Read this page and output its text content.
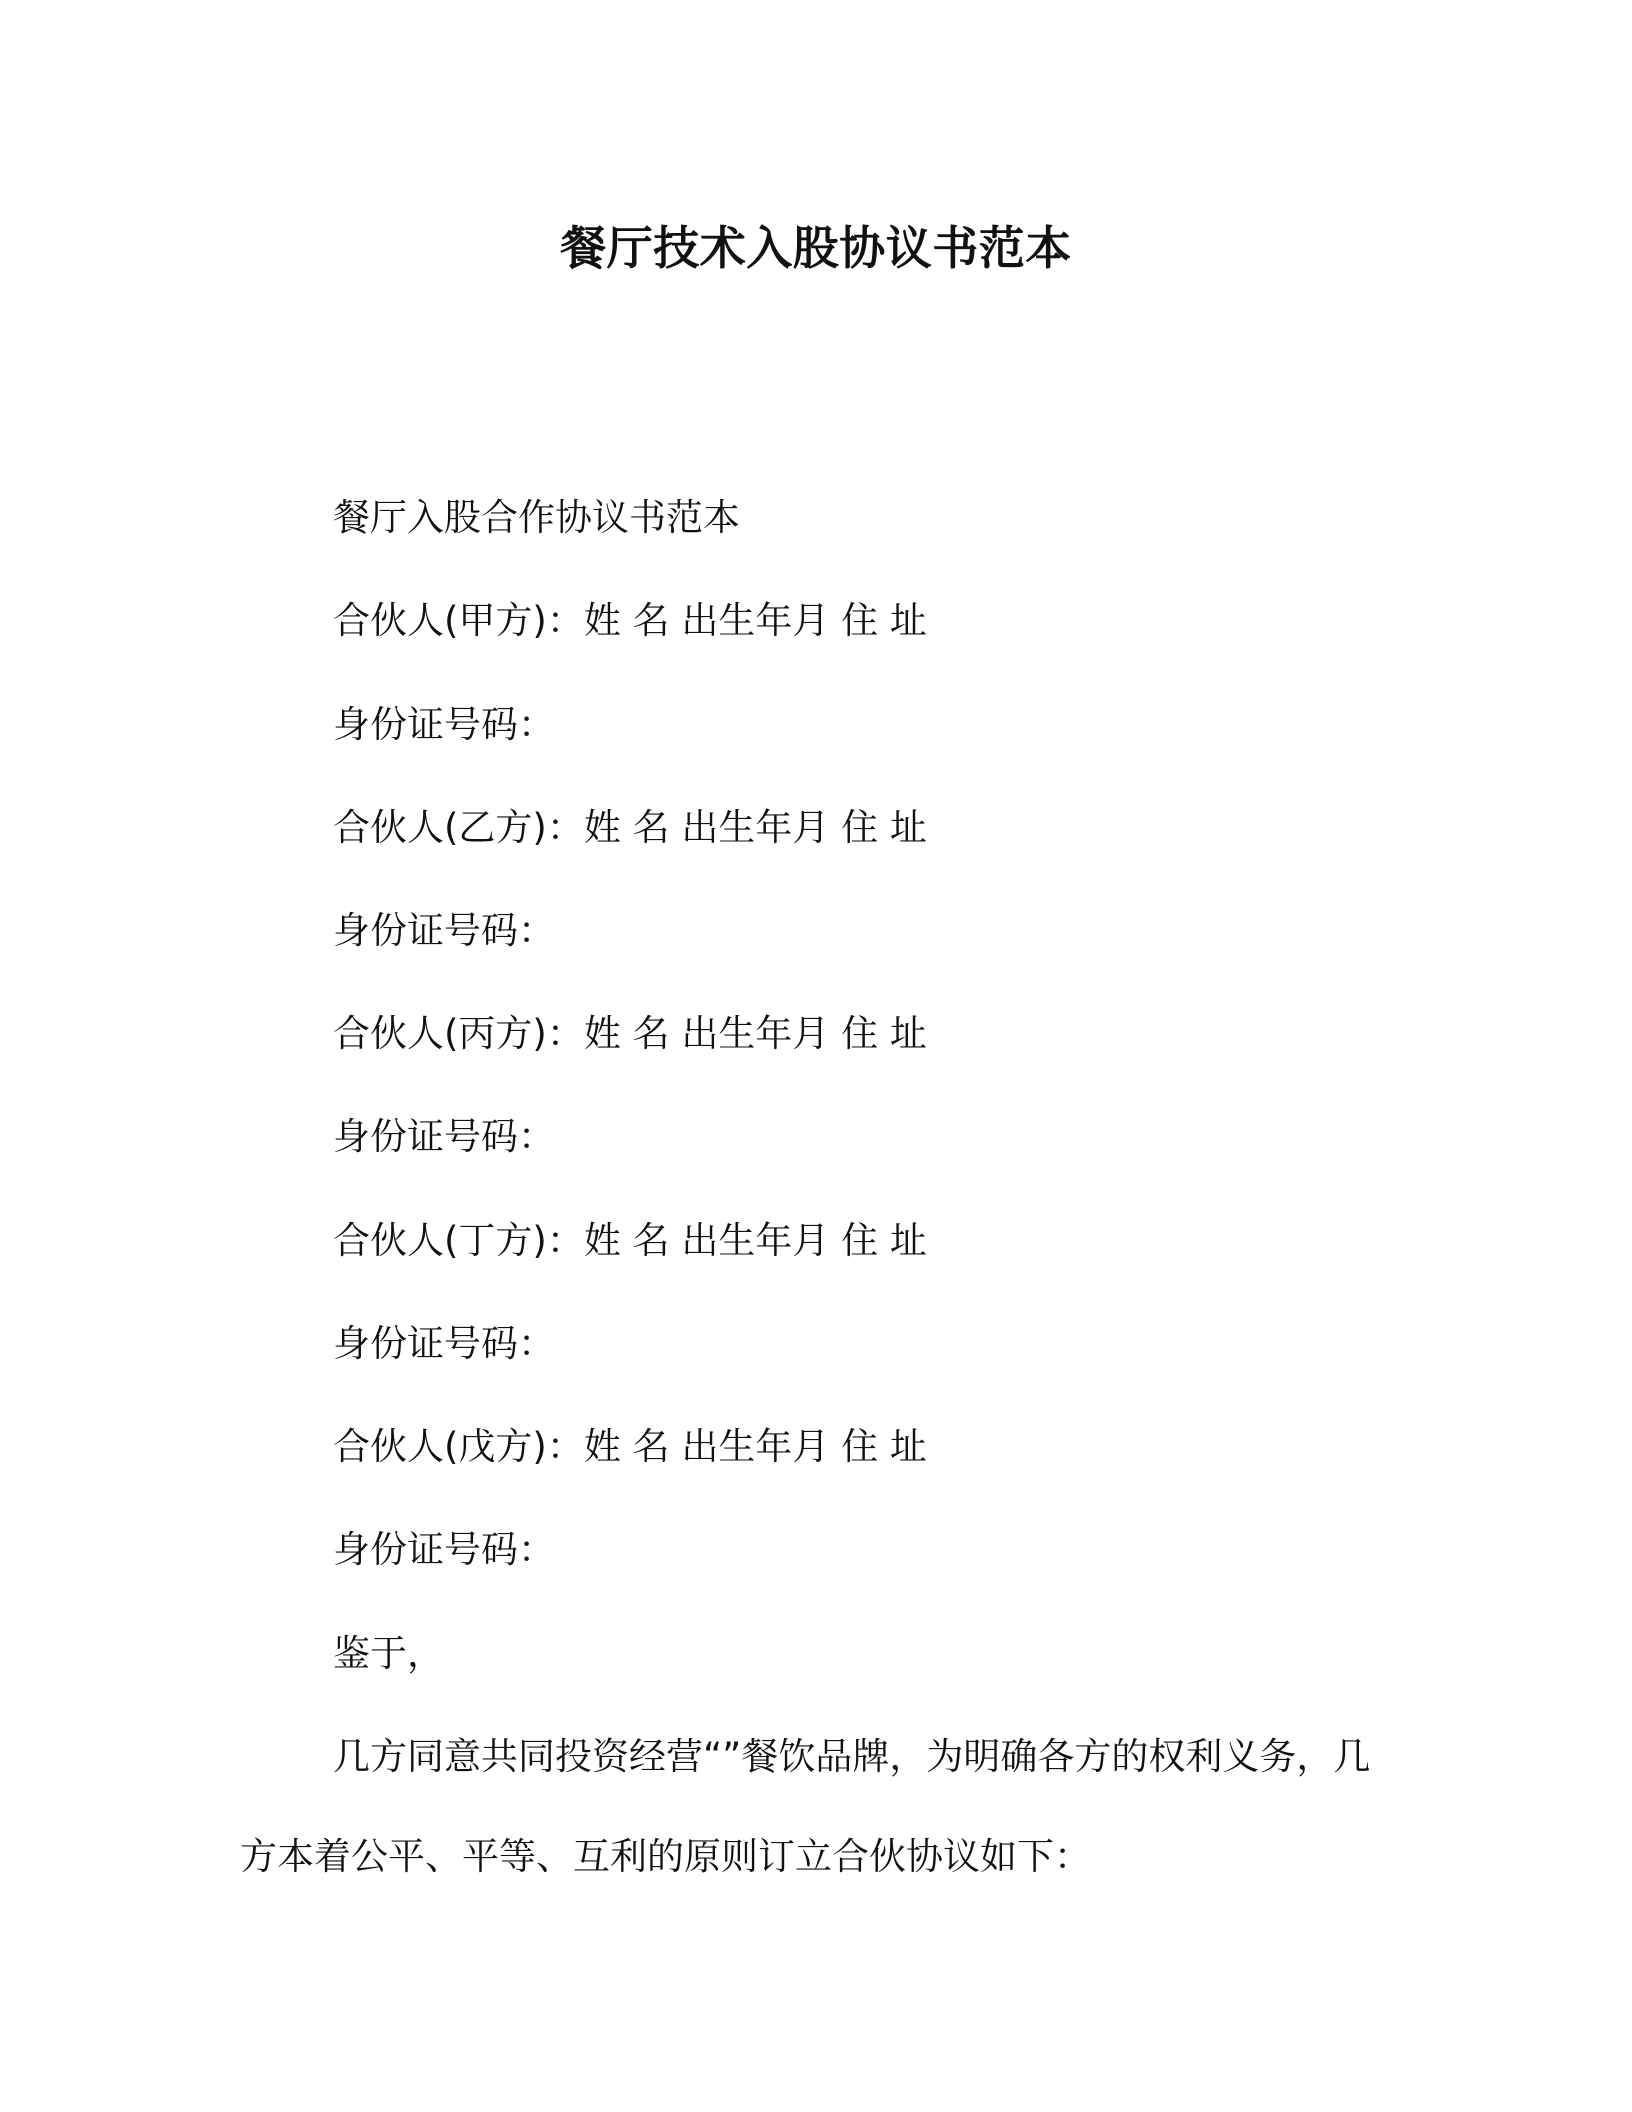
餐厅技术入股协议书范本
餐厅入股合作协议书范本
合伙人(甲方)：姓 名 出生年月 住 址
身份证号码：
合伙人(乙方)：姓 名 出生年月 住 址
身份证号码：
合伙人(丙方)：姓 名 出生年月 住 址
身份证号码：
合伙人(丁方)：姓 名 出生年月 住 址
身份证号码：
合伙人(戊方)：姓 名 出生年月 住 址
身份证号码：
鉴于，
几方同意共同投资经营“”餐饮品牌，为明确各方的权利义务，几方本着公平、平等、互利的原则订立合伙协议如下：
